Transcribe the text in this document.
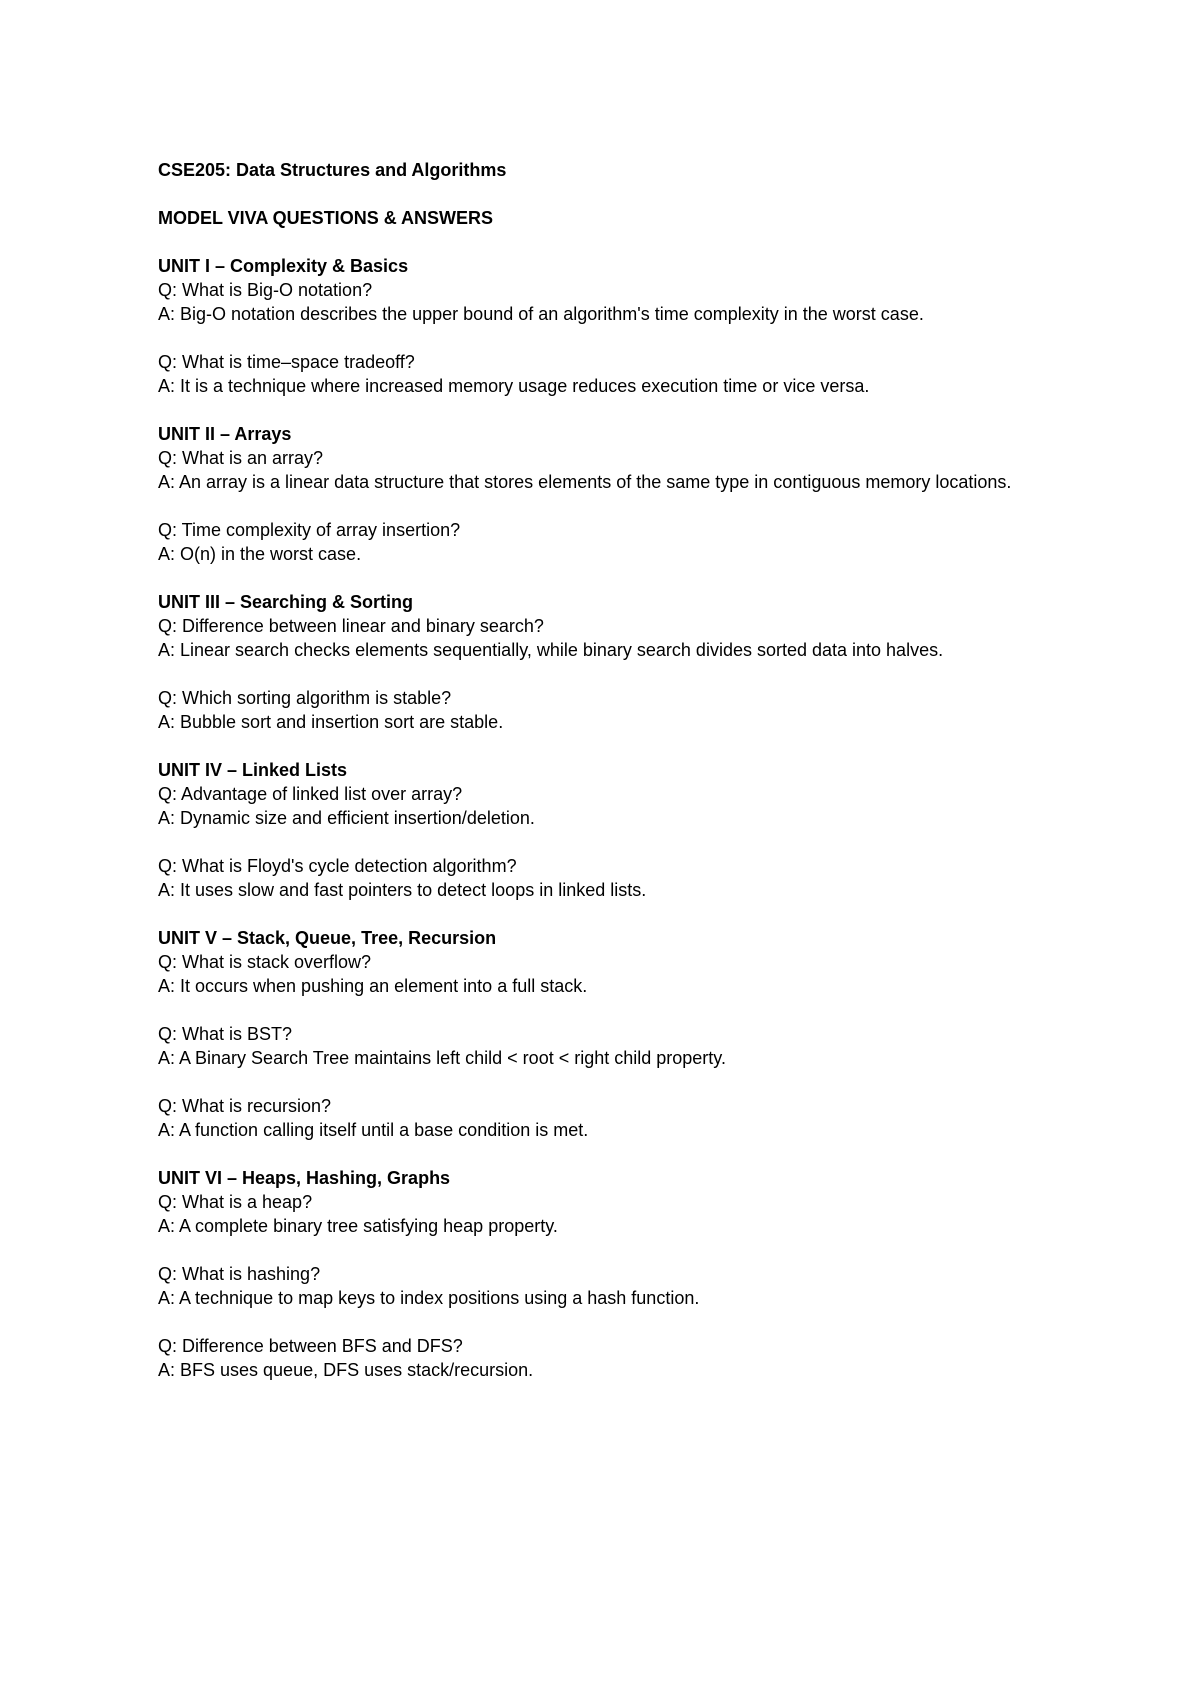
CSE205: Data Structures and Algorithms
MODEL VIVA QUESTIONS & ANSWERS
UNIT I – Complexity & Basics
Q: What is Big-O notation?
A: Big-O notation describes the upper bound of an algorithm's time complexity in the worst case.
Q: What is time–space tradeoff?
A: It is a technique where increased memory usage reduces execution time or vice versa.
UNIT II – Arrays
Q: What is an array?
A: An array is a linear data structure that stores elements of the same type in contiguous memory locations.
Q: Time complexity of array insertion?
A: O(n) in the worst case.
UNIT III – Searching & Sorting
Q: Difference between linear and binary search?
A: Linear search checks elements sequentially, while binary search divides sorted data into halves.
Q: Which sorting algorithm is stable?
A: Bubble sort and insertion sort are stable.
UNIT IV – Linked Lists
Q: Advantage of linked list over array?
A: Dynamic size and efficient insertion/deletion.
Q: What is Floyd's cycle detection algorithm?
A: It uses slow and fast pointers to detect loops in linked lists.
UNIT V – Stack, Queue, Tree, Recursion
Q: What is stack overflow?
A: It occurs when pushing an element into a full stack.
Q: What is BST?
A: A Binary Search Tree maintains left child < root < right child property.
Q: What is recursion?
A: A function calling itself until a base condition is met.
UNIT VI – Heaps, Hashing, Graphs
Q: What is a heap?
A: A complete binary tree satisfying heap property.
Q: What is hashing?
A: A technique to map keys to index positions using a hash function.
Q: Difference between BFS and DFS?
A: BFS uses queue, DFS uses stack/recursion.
